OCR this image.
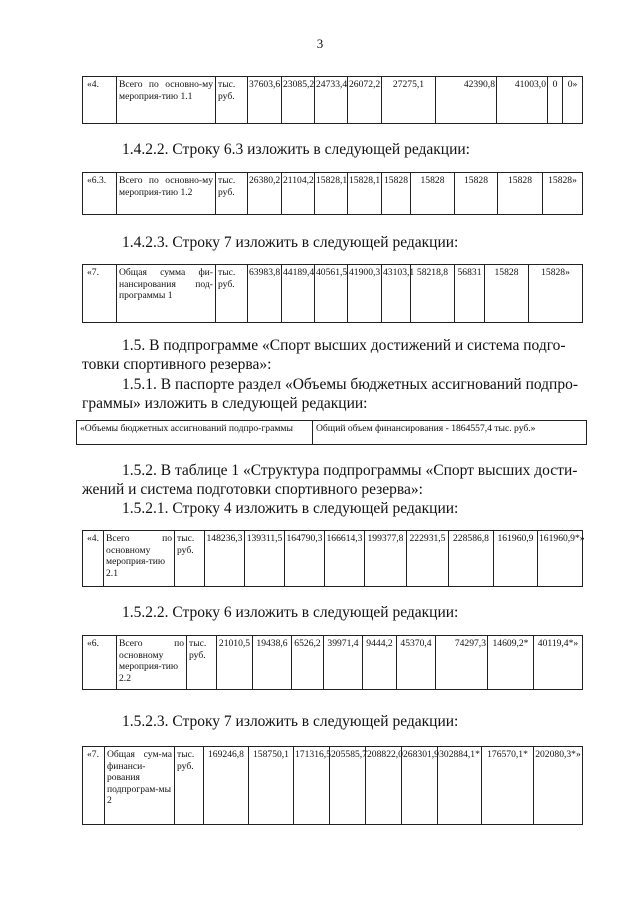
3
«4.	Всего по основно-му мероприя-тию 1.1	тыс. руб.	37603,6	23085,2	24733,4	26072,2	27275,1	42390,8	41003,0	0	0»

1.4.2.2. Строку 6.3 изложить в следующей редакции:

«6.3.	Всего по основно-му мероприя-тию 1.2	тыс. руб.	26380,2	21104,2	15828,1	15828,1	15828	15828	15828	15828	15828»

1.4.2.3. Строку 7 изложить в следующей редакции:

«7.	Общая сумма фи-нансирования под-программы 1	тыс. руб.	63983,8	44189,4	40561,5	41900,3	43103,1	58218,8	56831	15828	15828»

1.5. В подпрограмме «Спорт высших достижений и система подго-
товки спортивного резерва»:

1.5.1. В паспорте раздел «Объемы бюджетных ассигнований подпро-
граммы» изложить в следующей редакции:

«Объемы бюджетных ассигнований подпро-граммы	Общий объем финансирования - 1864557,4 тыс. руб.»

1.5.2. В таблице 1 «Структура подпрограммы «Спорт высших дости-
жений и система подготовки спортивного резерва»:

1.5.2.1. Строку 4 изложить в следующей редакции:

«4.	Всего по основному мероприя-тию 2.1	тыс. руб.	148236,3	139311,5	164790,3	166614,3	199377,8	222931,5	228586,8	161960,9	161960,9*»

1.5.2.2. Строку 6 изложить в следующей редакции:

«6.	Всего по основному мероприя-тию 2.2	тыс. руб.	21010,5	19438,6	6526,2	39971,4	9444,2	45370,4	74297,3	14609,2*	40119,4*»

1.5.2.3. Строку 7 изложить в следующей редакции:

«7.	Общая сум-ма финанси-рования подпрограм-мы 2	тыс. руб.	169246,8	158750,1	171316,5	205585,7	208822,0	268301,9	302884,1*	176570,1*	202080,3*»
